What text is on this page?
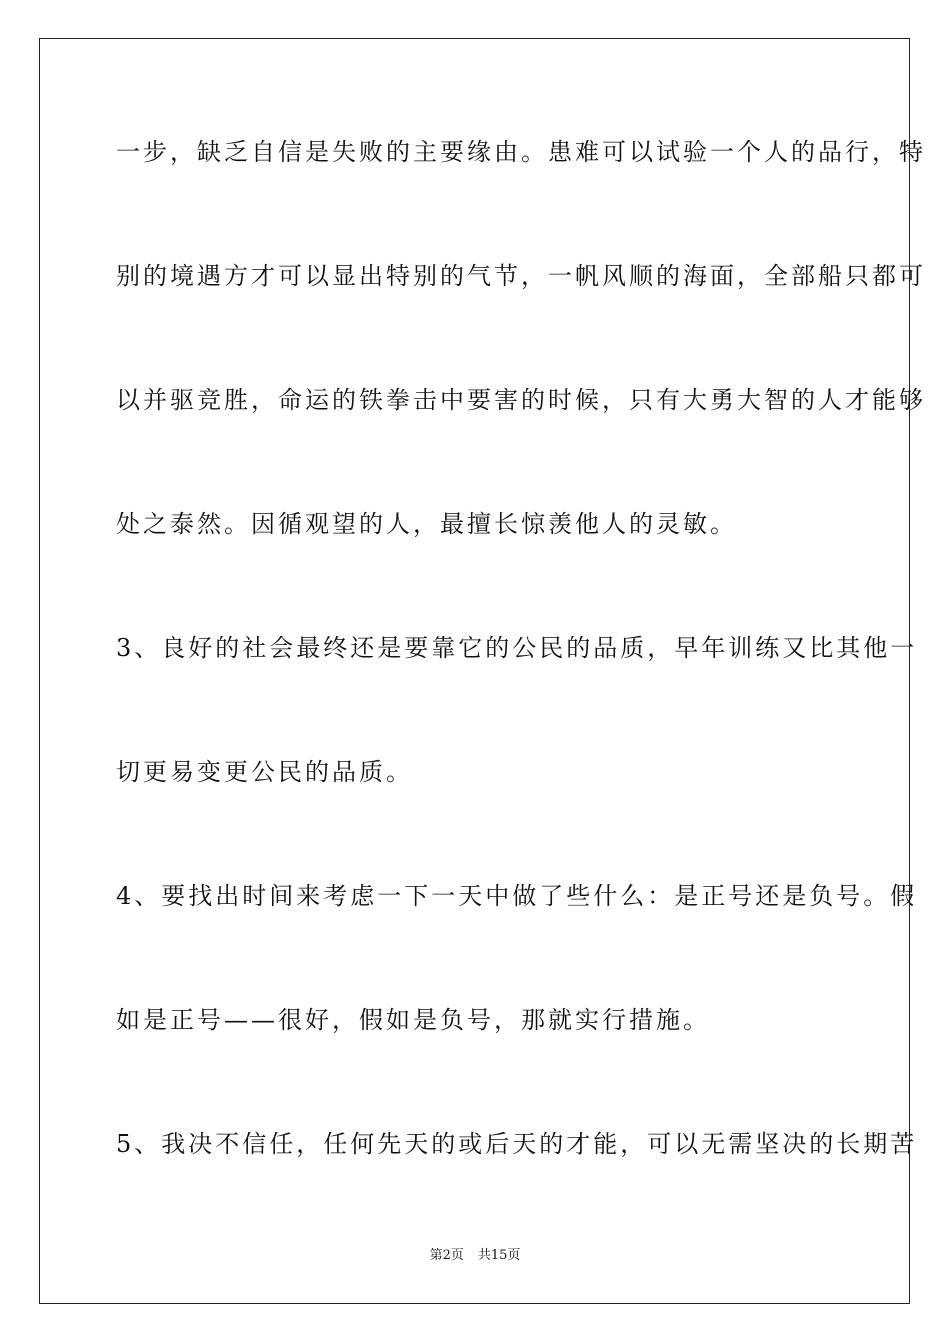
一步，缺乏自信是失败的主要缘由。患难可以试验一个人的品行，特
别的境遇方才可以显出特别的气节，一帆风顺的海面，全部船只都可
以并驱竞胜，命运的铁拳击中要害的时候，只有大勇大智的人才能够
处之泰然。因循观望的人，最擅长惊羡他人的灵敏。
3、良好的社会最终还是要靠它的公民的品质，早年训练又比其他一
切更易变更公民的品质。
4、要找出时间来考虑一下一天中做了些什么：是正号还是负号。假
如是正号——很好，假如是负号，那就实行措施。
5、我决不信任，任何先天的或后天的才能，可以无需坚决的长期苦
第2页 共15页
